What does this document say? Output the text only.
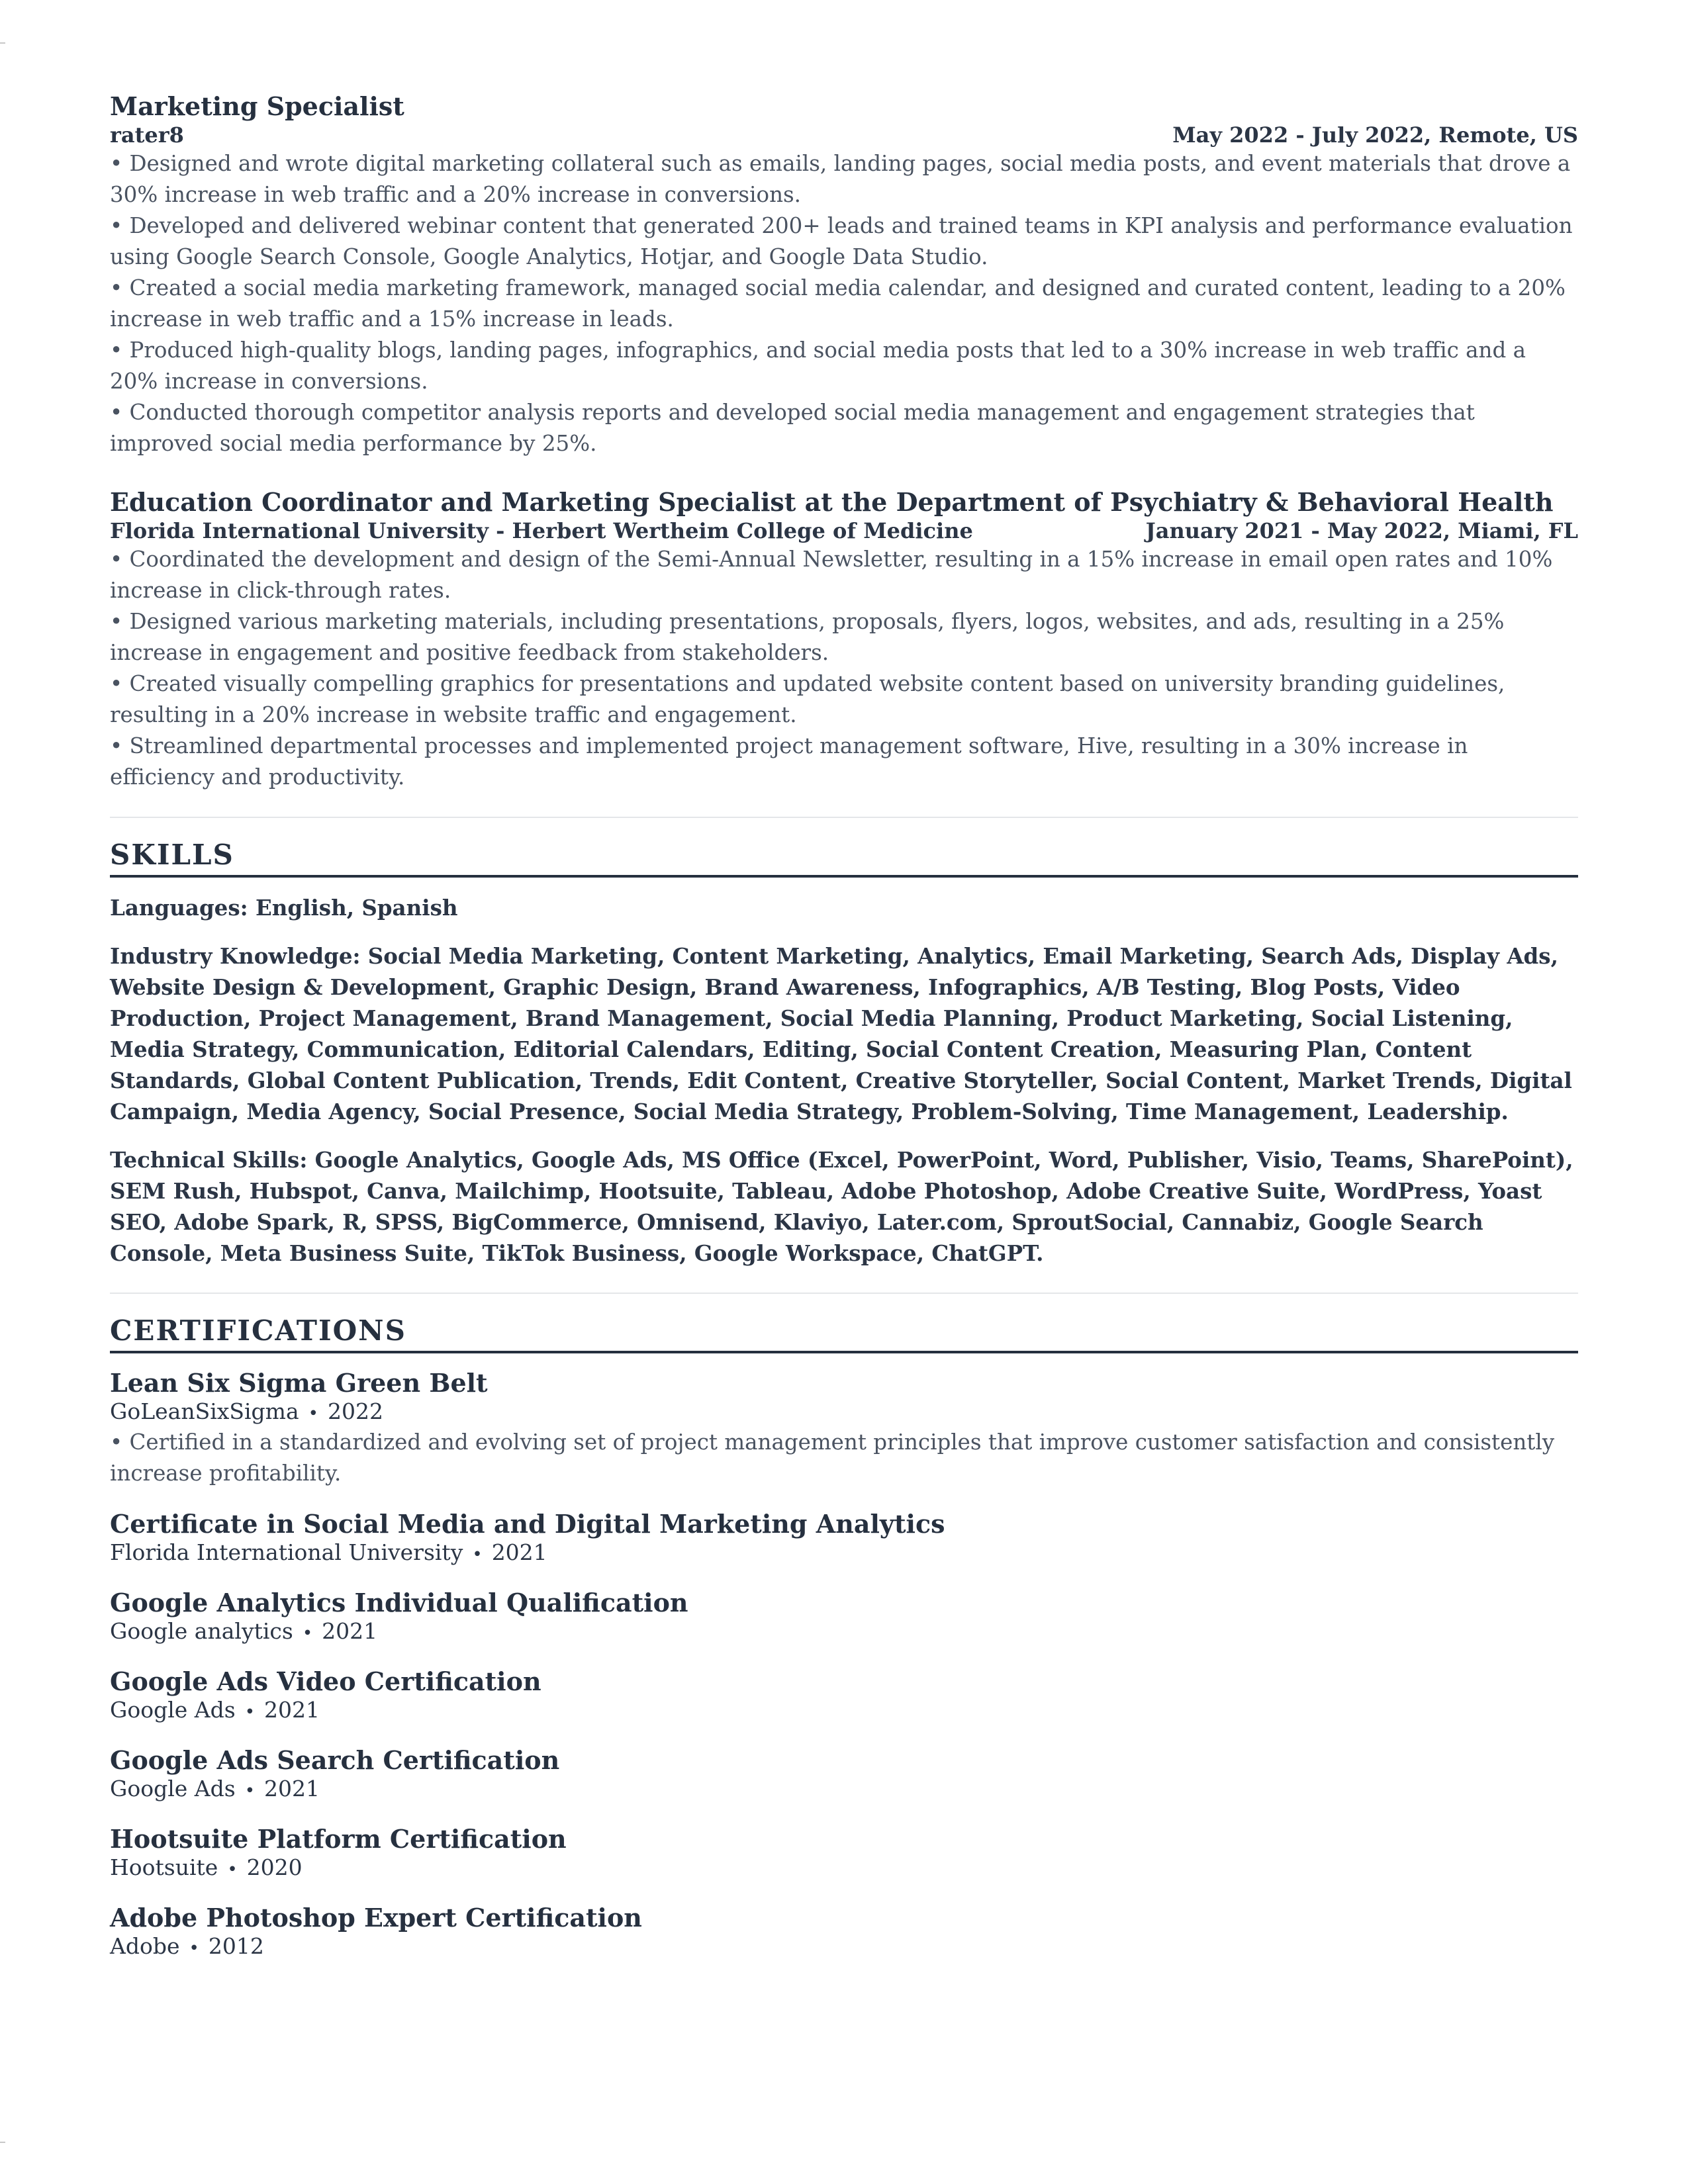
Marketing Specialist
rater8	May 2022 - July 2022, Remote, US
• Designed and wrote digital marketing collateral such as emails, landing pages, social media posts, and event materials that drove a 30% increase in web traffic and a 20% increase in conversions.
• Developed and delivered webinar content that generated 200+ leads and trained teams in KPI analysis and performance evaluation using Google Search Console, Google Analytics, Hotjar, and Google Data Studio.
• Created a social media marketing framework, managed social media calendar, and designed and curated content, leading to a 20% increase in web traffic and a 15% increase in leads.
• Produced high-quality blogs, landing pages, infographics, and social media posts that led to a 30% increase in web traffic and a 20% increase in conversions.
• Conducted thorough competitor analysis reports and developed social media management and engagement strategies that improved social media performance by 25%.
Education Coordinator and Marketing Specialist at the Department of Psychiatry & Behavioral Health
Florida International University - Herbert Wertheim College of Medicine	January 2021 - May 2022, Miami, FL
• Coordinated the development and design of the Semi-Annual Newsletter, resulting in a 15% increase in email open rates and 10% increase in click-through rates.
• Designed various marketing materials, including presentations, proposals, flyers, logos, websites, and ads, resulting in a 25% increase in engagement and positive feedback from stakeholders.
• Created visually compelling graphics for presentations and updated website content based on university branding guidelines, resulting in a 20% increase in website traffic and engagement.
• Streamlined departmental processes and implemented project management software, Hive, resulting in a 30% increase in efficiency and productivity.
SKILLS
Languages: English, Spanish
Industry Knowledge: Social Media Marketing, Content Marketing, Analytics, Email Marketing, Search Ads, Display Ads, Website Design & Development, Graphic Design, Brand Awareness, Infographics, A/B Testing, Blog Posts, Video Production, Project Management, Brand Management, Social Media Planning, Product Marketing, Social Listening, Media Strategy, Communication, Editorial Calendars, Editing, Social Content Creation, Measuring Plan, Content Standards, Global Content Publication, Trends, Edit Content, Creative Storyteller, Social Content, Market Trends, Digital Campaign, Media Agency, Social Presence, Social Media Strategy, Problem-Solving, Time Management, Leadership.
Technical Skills: Google Analytics, Google Ads, MS Office (Excel, PowerPoint, Word, Publisher, Visio, Teams, SharePoint), SEM Rush, Hubspot, Canva, Mailchimp, Hootsuite, Tableau, Adobe Photoshop, Adobe Creative Suite, WordPress, Yoast SEO, Adobe Spark, R, SPSS, BigCommerce, Omnisend, Klaviyo, Later.com, SproutSocial, Cannabiz, Google Search Console, Meta Business Suite, TikTok Business, Google Workspace, ChatGPT.
CERTIFICATIONS
Lean Six Sigma Green Belt
GoLeanSixSigma • 2022
• Certified in a standardized and evolving set of project management principles that improve customer satisfaction and consistently increase profitability.
Certificate in Social Media and Digital Marketing Analytics
Florida International University • 2021
Google Analytics Individual Qualification
Google analytics • 2021
Google Ads Video Certification
Google Ads • 2021
Google Ads Search Certification
Google Ads • 2021
Hootsuite Platform Certification
Hootsuite • 2020
Adobe Photoshop Expert Certification
Adobe • 2012
